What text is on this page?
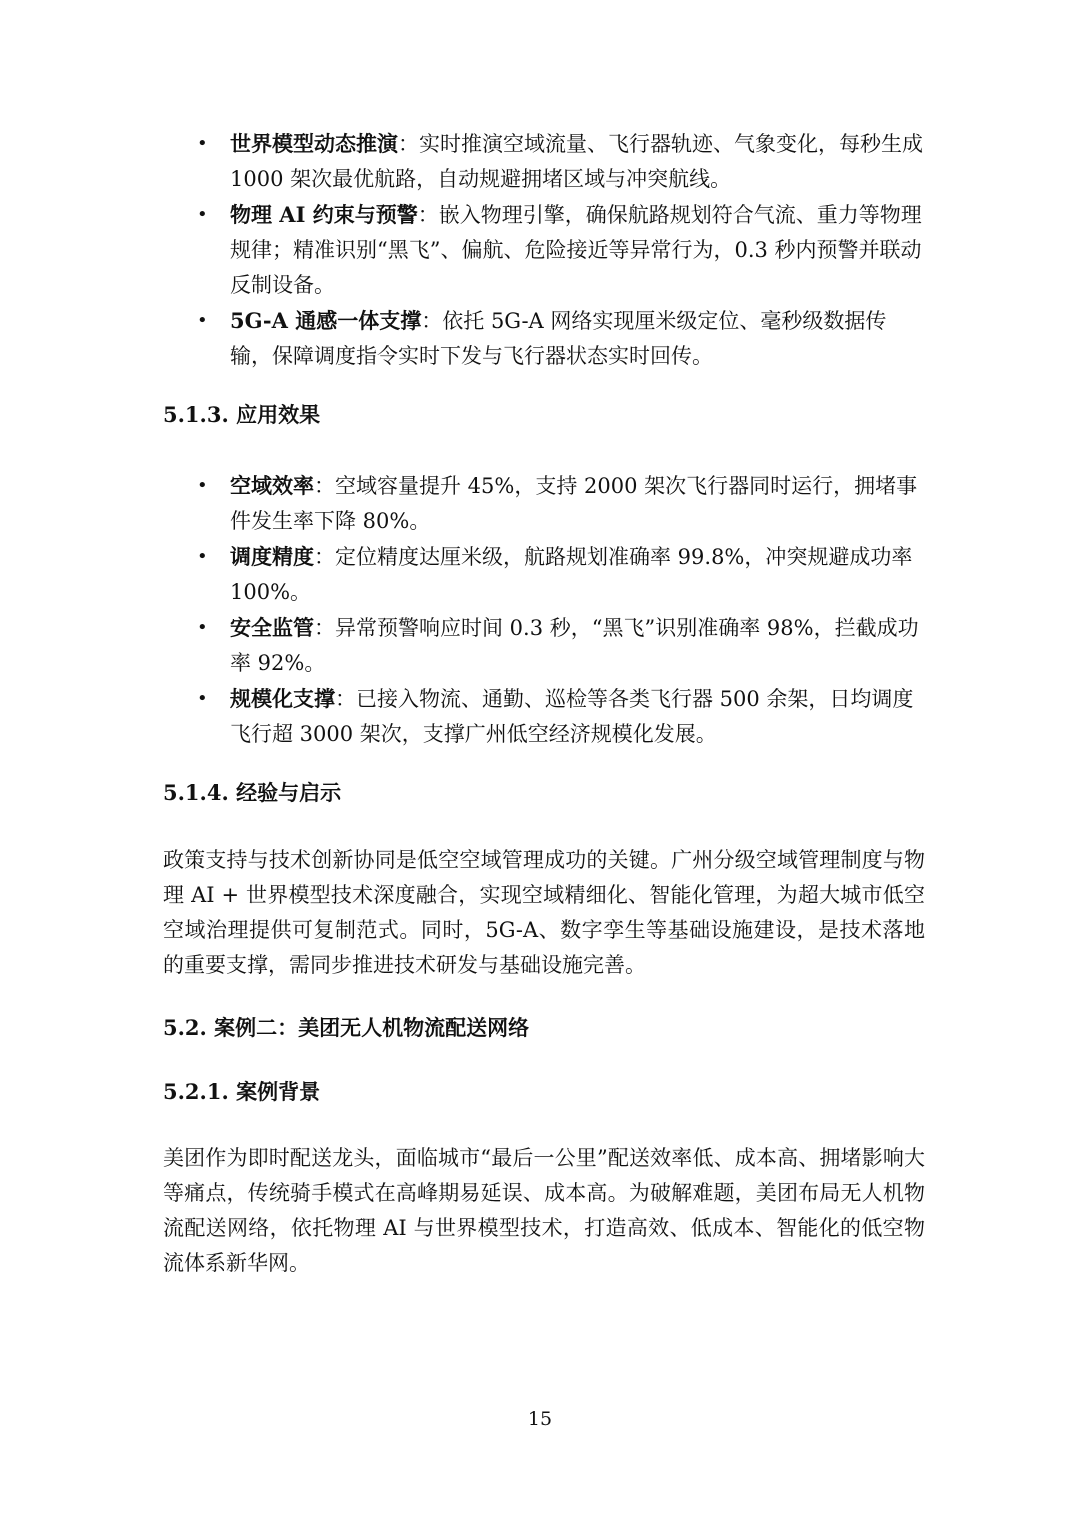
• 世界模型动态推演：实时推演空域流量、飞行器轨迹、气象变化，每秒生成 1000 架次最优航路，自动规避拥堵区域与冲突航线。
• 物理 AI 约束与预警：嵌入物理引擎，确保航路规划符合气流、重力等物理规律；精准识别“黑飞”、偏航、危险接近等异常行为，0.3 秒内预警并联动反制设备。
• 5G-A 通感一体支撑：依托 5G-A 网络实现厘米级定位、毫秒级数据传输，保障调度指令实时下发与飞行器状态实时回传。
5.1.3. 应用效果
• 空域效率：空域容量提升 45%，支持 2000 架次飞行器同时运行，拥堵事件发生率下降 80%。
• 调度精度：定位精度达厘米级，航路规划准确率 99.8%，冲突规避成功率 100%。
• 安全监管：异常预警响应时间 0.3 秒，“黑飞”识别准确率 98%，拦截成功率 92%。
• 规模化支撑：已接入物流、通勤、巡检等各类飞行器 500 余架，日均调度飞行超 3000 架次，支撑广州低空经济规模化发展。
5.1.4. 经验与启示

政策支持与技术创新协同是低空空域管理成功的关键。广州分级空域管理制度与物理 AI + 世界模型技术深度融合，实现空域精细化、智能化管理，为超大城市低空空域治理提供可复制范式。同时，5G-A、数字孪生等基础设施建设，是技术落地的重要支撑，需同步推进技术研发与基础设施完善。

5.2. 案例二：美团无人机物流配送网络
5.2.1. 案例背景

美团作为即时配送龙头，面临城市“最后一公里”配送效率低、成本高、拥堵影响大等痛点，传统骑手模式在高峰期易延误、成本高。为破解难题，美团布局无人机物流配送网络，依托物理 AI 与世界模型技术，打造高效、低成本、智能化的低空物流体系新华网。

15
